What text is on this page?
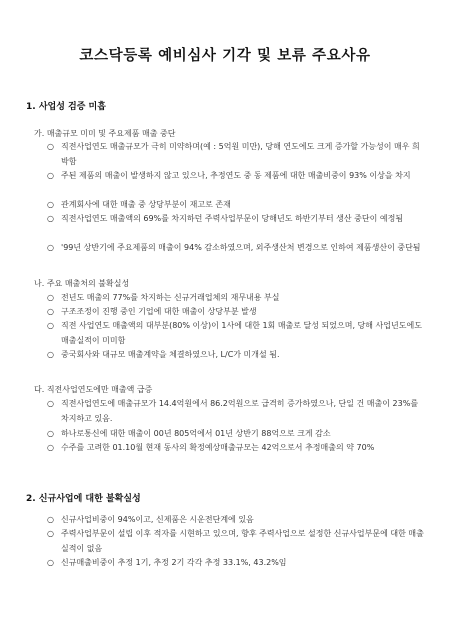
코스닥등록 예비심사 기각 및 보류 주요사유
1. 사업성 검증 미흡
가. 매출규모 미미 및 주요제품 매출 중단
○ 직전사업연도 매출규모가 극히 미약하며(예 : 5억원 미만), 당해 연도에도 크게 증가할 가능성이 매우 희박함
○ 주된 제품의 매출이 발생하지 않고 있으나, 추정연도 중 동 제품에 대한 매출비중이 93% 이상을 차지
○ 관계회사에 대한 매출 중 상당부분이 재고로 존재
○ 직전사업연도 매출액의 69%를 차지하던 주력사업부문이 당해년도 하반기부터 생산 중단이 예정됨
○ '99년 상반기에 주요제품의 매출이 94% 감소하였으며, 외주생산처 변경으로 인하여 제품생산이 중단됨
나. 주요 매출처의 불확실성
○ 전년도 매출의 77%를 차지하는 신규거래업체의 재무내용 부실
○ 구조조정이 진행 중인 기업에 대한 매출이 상당부분 발생
○ 직전 사업연도 매출액의 대부분(80% 이상)이 1사에 대한 1회 매출로 달성 되었으며, 당해 사업년도에도 매출실적이 미미함
○ 중국회사와 대규모 매출계약을 체결하였으나, L/C가 미개설 됨.
다. 직전사업연도에만 매출액 급증
○ 직전사업연도에 매출규모가 14.4억원에서 86.2억원으로 급격히 증가하였으나, 단일 건 매출이 23%를 차지하고 있음.
○ 하나로통신에 대한 매출이 00년 805억에서 01년 상반기 88억으로 크게 감소
○ 수주를 고려한 01.10월 현재 동사의 확정예상매출규모는 42억으로서 추정매출의 약 70%
2. 신규사업에 대한 불확실성
○ 신규사업비중이 94%이고, 신제품은 시운전단계에 있음
○ 주력사업부문이 설립 이후 적자를 시현하고 있으며, 향후 주력사업으로 설정한 신규사업부문에 대한 매출실적이 없음
○ 신규매출비중이 추정 1기, 추정 2기 각각 추정 33.1%, 43.2%임
